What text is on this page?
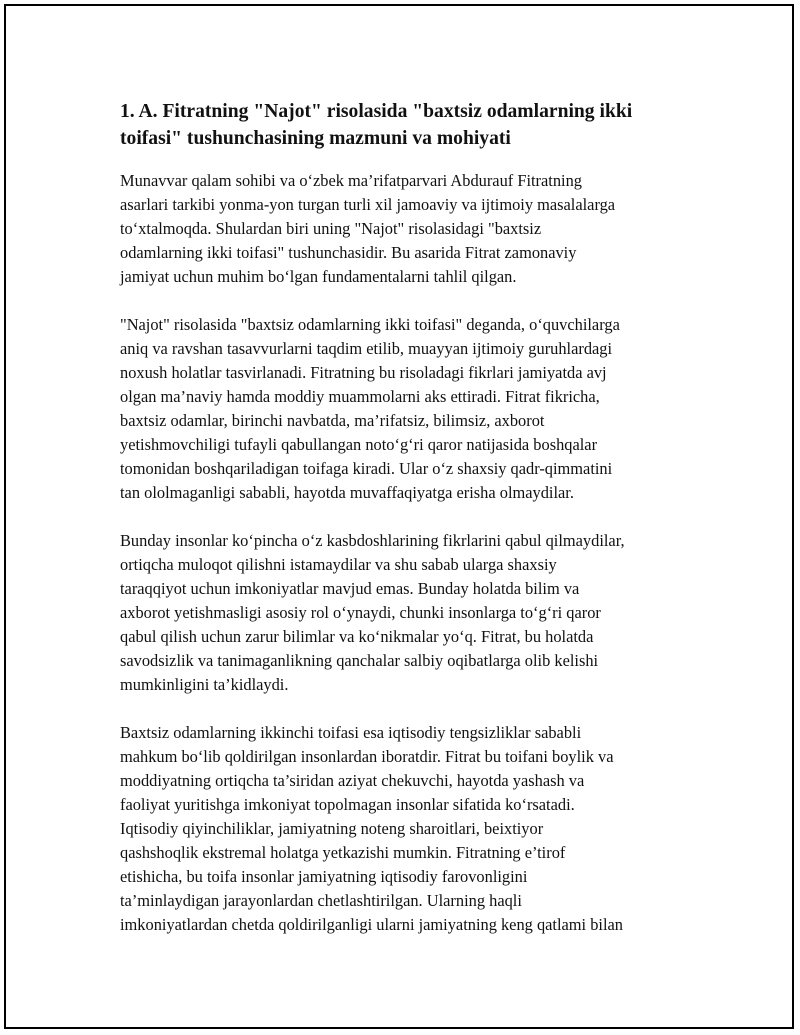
1. A. Fitratning "Najot" risolasida "baxtsiz odamlarning ikki
toifasi" tushunchasining mazmuni va mohiyati

Munavvar qalam sohibi va o‘zbek ma’rifatparvari Abdurauf Fitratning
asarlari tarkibi yonma-yon turgan turli xil jamoaviy va ijtimoiy masalalarga
to‘xtalmoqda. Shulardan biri uning "Najot" risolasidagi "baxtsiz
odamlarning ikki toifasi" tushunchasidir. Bu asarida Fitrat zamonaviy
jamiyat uchun muhim bo‘lgan fundamentalarni tahlil qilgan.

"Najot" risolasida "baxtsiz odamlarning ikki toifasi" deganda, o‘quvchilarga
aniq va ravshan tasavvurlarni taqdim etilib, muayyan ijtimoiy guruhlardagi
noxush holatlar tasvirlanadi. Fitratning bu risoladagi fikrlari jamiyatda avj
olgan ma’naviy hamda moddiy muammolarni aks ettiradi. Fitrat fikricha,
baxtsiz odamlar, birinchi navbatda, ma’rifatsiz, bilimsiz, axborot
yetishmovchiligi tufayli qabullangan noto‘g‘ri qaror natijasida boshqalar
tomonidan boshqariladigan toifaga kiradi. Ular o‘z shaxsiy qadr-qimmatini
tan ololmaganligi sababli, hayotda muvaffaqiyatga erisha olmaydilar.

Bunday insonlar ko‘pincha o‘z kasbdoshlarining fikrlarini qabul qilmaydilar,
ortiqcha muloqot qilishni istamaydilar va shu sabab ularga shaxsiy
taraqqiyot uchun imkoniyatlar mavjud emas. Bunday holatda bilim va
axborot yetishmasligi asosiy rol o‘ynaydi, chunki insonlarga to‘g‘ri qaror
qabul qilish uchun zarur bilimlar va ko‘nikmalar yo‘q. Fitrat, bu holatda
savodsizlik va tanimaganlikning qanchalar salbiy oqibatlarga olib kelishi
mumkinligini ta’kidlaydi.

Baxtsiz odamlarning ikkinchi toifasi esa iqtisodiy tengsizliklar sababli
mahkum bo‘lib qoldirilgan insonlardan iboratdir. Fitrat bu toifani boylik va
moddiyatning ortiqcha ta’siridan aziyat chekuvchi, hayotda yashash va
faoliyat yuritishga imkoniyat topolmagan insonlar sifatida ko‘rsatadi.
Iqtisodiy qiyinchiliklar, jamiyatning noteng sharoitlari, beixtiyor
qashshoqlik ekstremal holatga yetkazishi mumkin. Fitratning e’tirof
etishicha, bu toifa insonlar jamiyatning iqtisodiy farovonligini
ta’minlaydigan jarayonlardan chetlashtirilgan. Ularning haqli
imkoniyatlardan chetda qoldirilganligi ularni jamiyatning keng qatlami bilan
